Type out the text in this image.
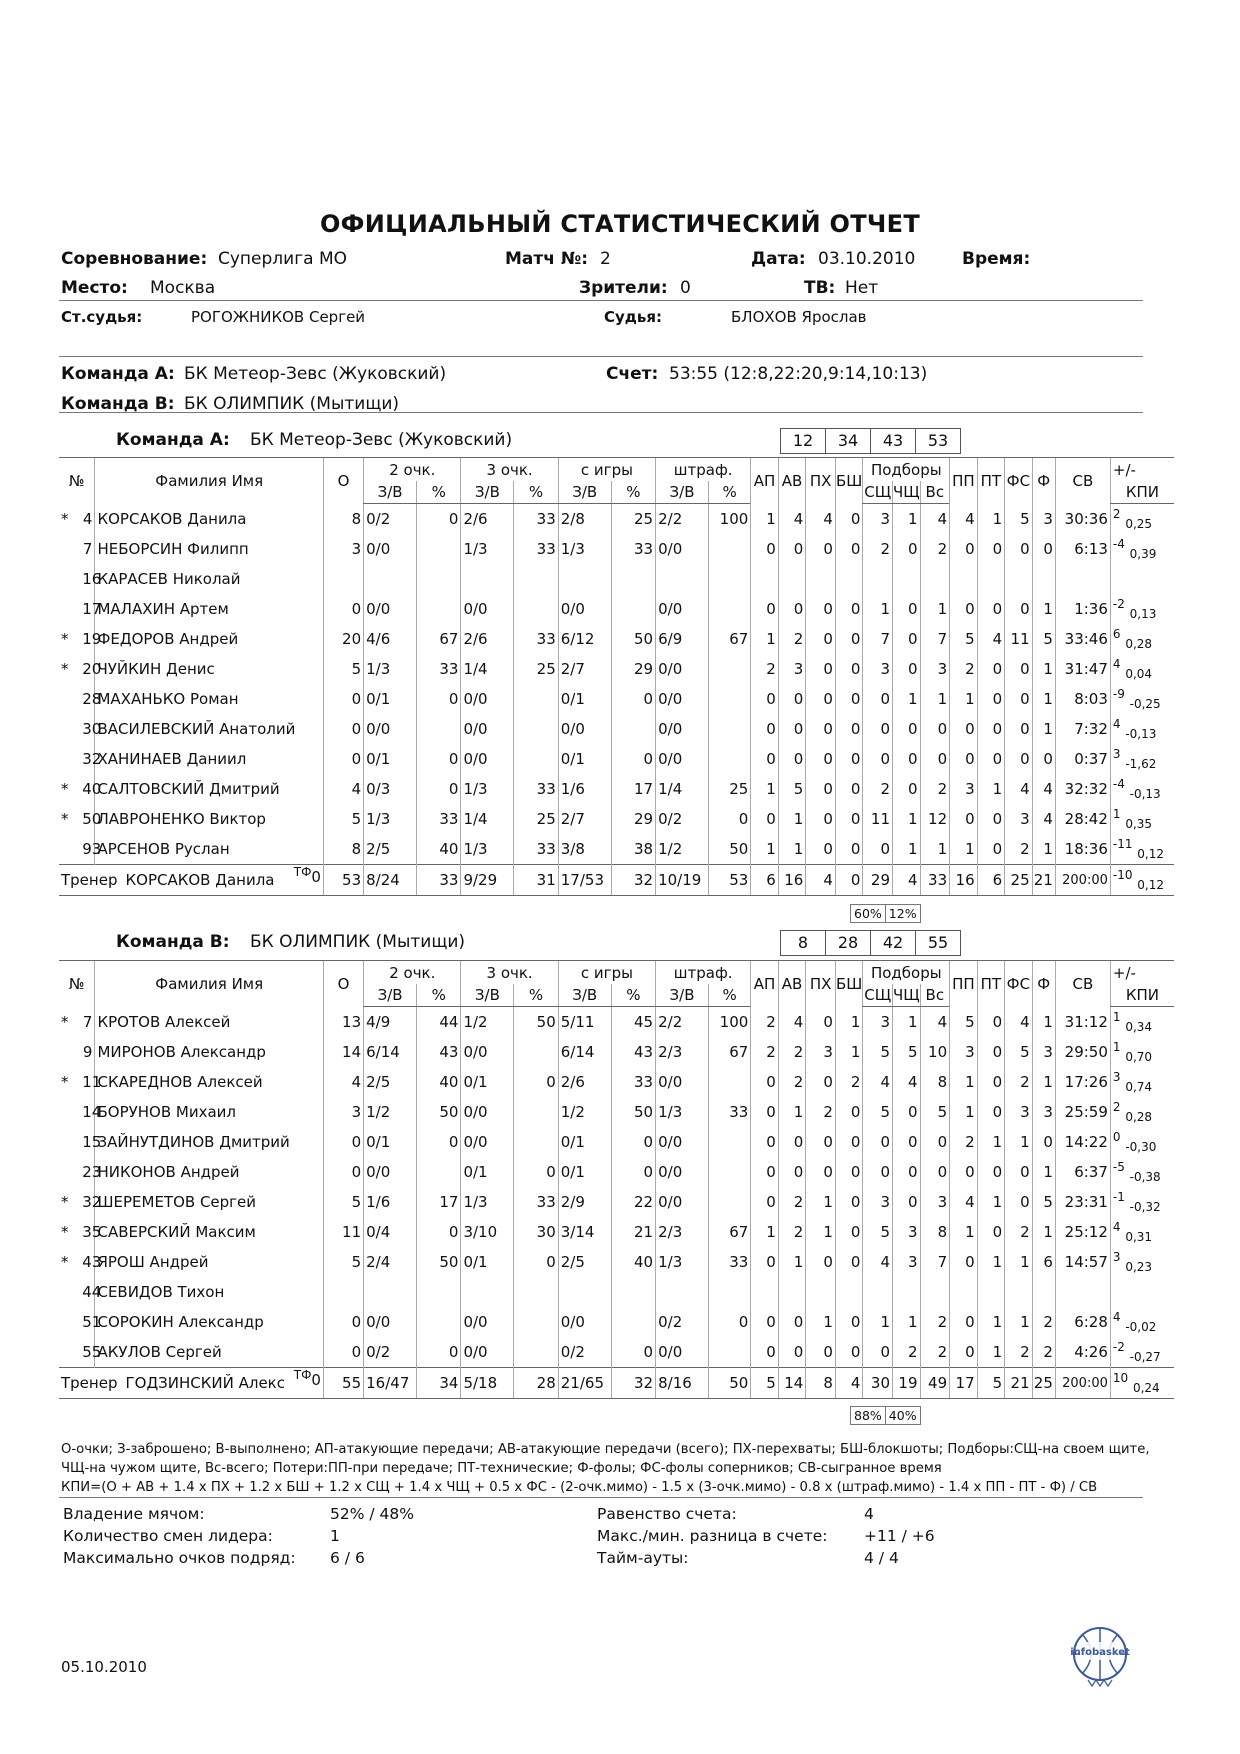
ОФИЦИАЛЬНЫЙ СТАТИСТИЧЕСКИЙ ОТЧЕТ
Соревнование: Суперлига МО	Матч №: 2	Дата: 03.10.2010	Время:
Место: Москва	Зрители: 0	ТВ: Нет
Ст.судья:	РОГОЖНИКОВ Сергей	Судья:	БЛОХОВ Ярослав
Команда А: БК Метеор-Зевс (Жуковский)	Счет: 53:55 (12:8,22:20,9:14,10:13)
Команда В: БК ОЛИМПИК (Мытищи)
Команда А: БК Метеор-Зевс (Жуковский)	12	34	43	53
№		Фамилия Имя	О	2 очк.		3 очк.		с игры		штраф.		АП	АВ	ПХ	БШ	Подборы			ПП	ПТ	ФС	Ф	СВ	+/-
				З/В	%	З/В	%	З/В	%	З/В	%					СЩ	ЧЩ	Вс						КПИ
*	4	КОРСАКОВ Данила	8	0/2	0	2/6	33	2/8	25	2/2	100	1	4	4	0	3	1	4	4	1	5	3	30:36	$^2$ $_{0,25}$
	7	НЕБОРСИН Филипп	3	0/0		1/3	33	1/3	33	0/0		0	0	0	0	2	0	2	0	0	0	0	6:13	$^{-4}$ $_{0,39}$
	16	КАРАСЕВ Николай																						
	17	МАЛАХИН Артем	0	0/0		0/0		0/0		0/0		0	0	0	0	1	0	1	0	0	0	1	1:36	$^{-2}$ $_{0,13}$
*	19	ФЕДОРОВ Андрей	20	4/6	67	2/6	33	6/12	50	6/9	67	1	2	0	0	7	0	7	5	4	11	5	33:46	$^6$ $_{0,28}$
*	20	ЧУЙКИН Денис	5	1/3	33	1/4	25	2/7	29	0/0		2	3	0	0	3	0	3	2	0	0	1	31:47	$^4$ $_{0,04}$
	28	МАХАНЬКО Роман	0	0/1	0	0/0		0/1	0	0/0		0	0	0	0	0	1	1	1	0	0	1	8:03	$^{-9}$ $_{-0,25}$
	30	ВАСИЛЕВСКИЙ Анатолий	0	0/0		0/0		0/0		0/0		0	0	0	0	0	0	0	0	0	0	1	7:32	$^4$ $_{-0,13}$
	32	ХАНИНАЕВ Даниил	0	0/1	0	0/0		0/1	0	0/0		0	0	0	0	0	0	0	0	0	0	0	0:37	$^3$ $_{-1,62}$
*	40	САЛТОВСКИЙ Дмитрий	4	0/3	0	1/3	33	1/6	17	1/4	25	1	5	0	0	2	0	2	3	1	4	4	32:32	$^{-4}$ $_{-0,13}$
*	50	ЛАВРОНЕНКО Виктор	5	1/3	33	1/4	25	2/7	29	0/2	0	0	1	0	0	11	1	12	0	0	3	4	28:42	$^1$ $_{0,35}$
	93	АРСЕНОВ Руслан	8	2/5	40	1/3	33	3/8	38	1/2	50	1	1	0	0	0	1	1	1	0	2	1	18:36	$^{-11}$ $_{0,12}$
Тренер КОРСАКОВ Данила $^{ТФ}$0			53	8/24	33	9/29	31	17/53	32	10/19	53	6	16	4	0	29	4	33	16	6	25	21	200:00	$^{-10}$ $_{0,12}$
60% 12%
Команда В: БК ОЛИМПИК (Мытищи)	8	28	42	55
№		Фамилия Имя	О	2 очк.		3 очк.		с игры		штраф.		АП	АВ	ПХ	БШ	Подборы			ПП	ПТ	ФС	Ф	СВ	+/-
				З/В	%	З/В	%	З/В	%	З/В	%					СЩ	ЧЩ	Вс						КПИ
*	7	КРОТОВ Алексей	13	4/9	44	1/2	50	5/11	45	2/2	100	2	4	0	1	3	1	4	5	0	4	1	31:12	$^1$ $_{0,34}$
	9	МИРОНОВ Александр	14	6/14	43	0/0		6/14	43	2/3	67	2	2	3	1	5	5	10	3	0	5	3	29:50	$^1$ $_{0,70}$
*	11	СКАРЕДНОВ Алексей	4	2/5	40	0/1	0	2/6	33	0/0		0	2	0	2	4	4	8	1	0	2	1	17:26	$^3$ $_{0,74}$
	14	БОРУНОВ Михаил	3	1/2	50	0/0		1/2	50	1/3	33	0	1	2	0	5	0	5	1	0	3	3	25:59	$^2$ $_{0,28}$
	15	ЗАЙНУТДИНОВ Дмитрий	0	0/1	0	0/0		0/1	0	0/0		0	0	0	0	0	0	0	2	1	1	0	14:22	$^0$ $_{-0,30}$
	23	НИКОНОВ Андрей	0	0/0		0/1	0	0/1	0	0/0		0	0	0	0	0	0	0	0	0	0	1	6:37	$^{-5}$ $_{-0,38}$
*	32	ШЕРЕМЕТОВ Сергей	5	1/6	17	1/3	33	2/9	22	0/0		0	2	1	0	3	0	3	4	1	0	5	23:31	$^{-1}$ $_{-0,32}$
*	35	САВЕРСКИЙ Максим	11	0/4	0	3/10	30	3/14	21	2/3	67	1	2	1	0	5	3	8	1	0	2	1	25:12	$^4$ $_{0,31}$
*	43	ЯРОШ Андрей	5	2/4	50	0/1	0	2/5	40	1/3	33	0	1	0	0	4	3	7	0	1	1	6	14:57	$^3$ $_{0,23}$
	44	СЕВИДОВ Тихон																						
	51	СОРОКИН Александр	0	0/0		0/0		0/0		0/2	0	0	0	1	0	1	1	2	0	1	1	2	6:28	$^4$ $_{-0,02}$
	55	АКУЛОВ Сергей	0	0/2	0	0/0		0/2	0	0/0		0	0	0	0	0	2	2	0	1	2	2	4:26	$^{-2}$ $_{-0,27}$
Тренер ГОДЗИНСКИЙ Алекс $^{ТФ}$0			55	16/47	34	5/18	28	21/65	32	8/16	50	5	14	8	4	30	19	49	17	5	21	25	200:00	$^{10}$ $_{0,24}$
88% 40%
О-очки; З-заброшено; В-выполнено; АП-атакующие передачи; АВ-атакующие передачи (всего); ПХ-перехваты; БШ-блокшоты; Подборы:СЩ-на своем щите,
ЧЩ-на чужом щите, Вс-всего; Потери:ПП-при передаче; ПТ-технические; Ф-фолы; ФС-фолы соперников; СВ-сыгранное время
КПИ=(О + АВ + 1.4 х ПХ + 1.2 х БШ + 1.2 х СЩ + 1.4 х ЧЩ + 0.5 х ФС - (2-очк.мимо) - 1.5 х (3-очк.мимо) - 0.8 х (штраф.мимо) - 1.4 х ПП - ПТ - Ф) / СВ
Владение мячом:	52% / 48%
Количество смен лидера:	1
Максимально очков подряд: 6 / 6
Равенство счета:	4
Макс./мин. разница в счете: +11 / +6
Тайм-ауты:	4 / 4
05.10.2010
infobasket
